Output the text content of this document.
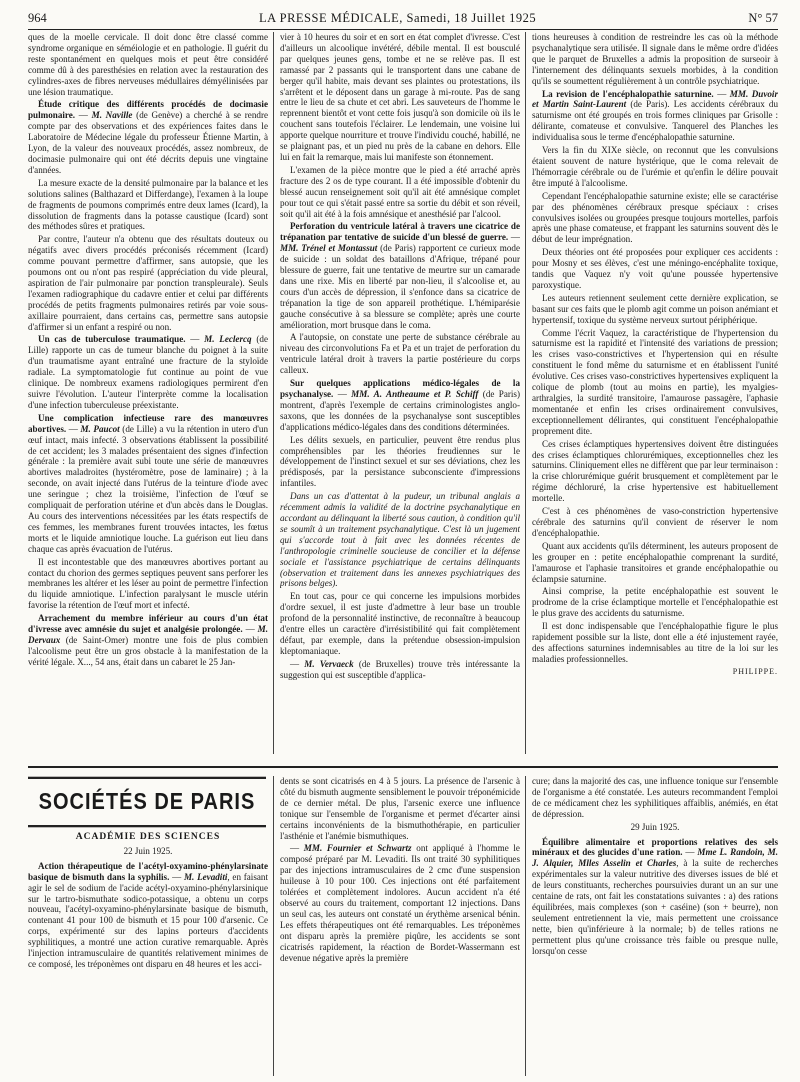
964	LA PRESSE MÉDICALE, Samedi, 18 Juillet 1925	N° 57

ques de la moelle cervicale. Il doit donc être classé comme syndrome organique en séméiologie et en pathologie. Il guérit du reste spontanément en quelques mois et peut être considéré comme dû à des paresthésies en relation avec la restauration des cylindres-axes de fibres nerveuses médullaires démyélinisées par une lésion traumatique.

Étude critique des différents procédés de docimasie pulmonaire. — M. Naville (de Genève) a cherché à se rendre compte par des observations et des expériences faites dans le Laboratoire de Médecine légale du professeur Étienne Martin, à Lyon, de la valeur des nouveaux procédés, assez nombreux, de docimasie pulmonaire qui ont été décrits depuis une vingtaine d'années.

La mesure exacte de la densité pulmonaire par la balance et les solutions salines (Balthazard et Differdange), l'examen à la loupe de fragments de poumons comprimés entre deux lames (Icard), la dissolution de fragments dans la potasse caustique (Icard) sont des méthodes sûres et pratiques.

Par contre, l'auteur n'a obtenu que des résultats douteux ou négatifs avec divers procédés préconisés récemment (Icard) comme pouvant permettre d'affirmer, sans autopsie, que les poumons ont ou n'ont pas respiré (appréciation du vide pleural, aspiration de l'air pulmonaire par ponction transpleurale). Seuls l'examen radiographique du cadavre entier et celui par différents procédés de petits fragments pulmonaires retirés par voie sous-axillaire pourraient, dans certains cas, permettre sans autopsie d'affirmer si un enfant a respiré ou non.

Un cas de tuberculose traumatique. — M. Leclercq (de Lille) rapporte un cas de tumeur blanche du poignet à la suite d'un traumatisme ayant entraîné une fracture de la styloïde radiale. La symptomatologie fut continue au point de vue clinique. De nombreux examens radiologiques permirent d'en suivre l'évolution. L'auteur l'interprète comme la localisation d'une infection tuberculeuse préexistante.

Une complication infectieuse rare des manœuvres abortives. — M. Paucot (de Lille) a vu la rétention in utero d'un œuf intact, mais infecté. 3 observations établissent la possibilité de cet accident; les 3 malades présentaient des signes d'infection générale : la première avait subi toute une série de manœuvres abortives maladroites (hystéromètre, pose de laminaire) ; à la seconde, on avait injecté dans l'utérus de la teinture d'iode avec une seringue ; chez la troisième, l'infection de l'œuf se compliquait de perforation utérine et d'un abcès dans le Douglas. Au cours des interventions nécessitées par les états respectifs de ces femmes, les membranes furent trouvées intactes, les fœtus morts et le liquide amniotique louche. La guérison eut lieu dans chaque cas après évacuation de l'utérus.

Il est incontestable que des manœuvres abortives portant au contact du chorion des germes septiques peuvent sans perforer les membranes les altérer et les léser au point de permettre l'infection du liquide amniotique. L'infection paralysant le muscle utérin favorise la rétention de l'œuf mort et infecté.

Arrachement du membre inférieur au cours d'un état d'ivresse avec amnésie du sujet et analgésie prolongée. — M. Dervaux (de Saint-Omer) montre une fois de plus combien l'alcoolisme peut être un gros obstacle à la manifestation de la vérité légale. X..., 54 ans, était dans un cabaret le 25 Jan-

vier à 10 heures du soir et en sort en état complet d'ivresse. C'est d'ailleurs un alcoolique invétéré, débile mental. Il est bousculé par quelques jeunes gens, tombe et ne se relève pas. Il est ramassé par 2 passants qui le transportent dans une cabane de berger qu'il habite, mais devant ses plaintes ou protestations, ils s'arrêtent et le déposent dans un garage à mi-route. Pas de sang entre le lieu de sa chute et cet abri. Les sauveteurs de l'homme le reprennent bientôt et vont cette fois jusqu'à son domicile où ils le couchent sans toutefois l'éclairer. Le lendemain, une voisine lui apporte quelque nourriture et trouve l'individu couché, habillé, ne se plaignant pas, et un pied nu près de la cabane en dehors. Elle lui en fait la remarque, mais lui manifeste son étonnement.

L'examen de la pièce montre que le pied a été arraché après fracture des 2 os de type courant. Il a été impossible d'obtenir du blessé aucun renseignement soit qu'il ait été amnésique complet pour tout ce qui s'était passé entre sa sortie du débit et son réveil, soit qu'il ait été à la fois amnésique et anesthésié par l'alcool.

Perforation du ventricule latéral à travers une cicatrice de trépanation par tentative de suicide d'un blessé de guerre. — MM. Trénel et Montassut (de Paris) rapportent ce curieux mode de suicide : un soldat des bataillons d'Afrique, trépané pour blessure de guerre, fait une tentative de meurtre sur un camarade dans une rixe. Mis en liberté par non-lieu, il s'alcoolise et, au cours d'un accès de dépression, il s'enfonce dans sa cicatrice de trépanation la tige de son appareil prothétique. L'hémiparésie gauche consécutive à sa blessure se complète; après une courte amélioration, mort brusque dans le coma.

A l'autopsie, on constate une perte de substance cérébrale au niveau des circonvolutions Fa et Pa et un trajet de perforation du ventricule latéral droit à travers la partie postérieure du corps calleux.

Sur quelques applications médico-légales de la psychanalyse. — MM. A. Antheaume et P. Schiff (de Paris) montrent, d'après l'exemple de certains criminologistes anglo-saxons, que les données de la psychanalyse sont susceptibles d'applications médico-légales dans des conditions déterminées.

Les délits sexuels, en particulier, peuvent être rendus plus compréhensibles par les théories freudiennes sur le développement de l'instinct sexuel et sur ses déviations, chez les prédisposés, par la persistance subconsciente d'impressions infantiles.

Dans un cas d'attentat à la pudeur, un tribunal anglais a récemment admis la validité de la doctrine psychanalytique en accordant au délinquant la liberté sous caution, à condition qu'il se soumît à un traitement psychanalytique. C'est là un jugement qui s'accorde tout à fait avec les données récentes de l'anthropologie criminelle soucieuse de concilier et la défense sociale et l'assistance psychiatrique de certains délinquants (observation et traitement dans les annexes psychiatriques des prisons belges).

En tout cas, pour ce qui concerne les impulsions morbides d'ordre sexuel, il est juste d'admettre à leur base un trouble profond de la personnalité instinctive, de reconnaître à beaucoup d'entre elles un caractère d'irrésistibilité qui fait complètement défaut, par exemple, dans la prétendue obsession-impulsion kleptomaniaque.

— M. Vervaeck (de Bruxelles) trouve très intéressante la suggestion qui est susceptible d'applica-

tions heureuses à condition de restreindre les cas où la méthode psychanalytique sera utilisée. Il signale dans le même ordre d'idées que le parquet de Bruxelles a admis la proposition de surseoir à l'internement des délinquants sexuels morbides, à la condition qu'ils se soumettent régulièrement à un contrôle psychiatrique.

La revision de l'encéphalopathie saturnine. — MM. Duvoir et Martin Saint-Laurent (de Paris). Les accidents cérébraux du saturnisme ont été groupés en trois formes cliniques par Grisolle : délirante, comateuse et convulsive. Tanquerel des Planches les individualisa sous le terme d'encéphalopathie saturnine.

Vers la fin du XIXe siècle, on reconnut que les convulsions étaient souvent de nature hystérique, que le coma relevait de l'hémorragie cérébrale ou de l'urémie et qu'enfin le délire pouvait être imputé à l'alcoolisme.

Cependant l'encéphalopathie saturnine existe; elle se caractérise par des phénomènes cérébraux presque spéciaux : crises convulsives isolées ou groupées presque toujours mortelles, parfois après une phase comateuse, et frappant les saturnins souvent dès le début de leur imprégnation.

Deux théories ont été proposées pour expliquer ces accidents : pour Mosny et ses élèves, c'est une méningo-encéphalite toxique, tandis que Vaquez n'y voit qu'une poussée hypertensive paroxystique.

Les auteurs retiennent seulement cette dernière explication, se basant sur ces faits que le plomb agit comme un poison anémiant et hypertensif, toxique du système nerveux surtout périphérique.

Comme l'écrit Vaquez, la caractéristique de l'hypertension du saturnisme est la rapidité et l'intensité des variations de pression; les crises vaso-constrictives et l'hypertension qui en résulte constituent le fond même du saturnisme et en établissent l'unité évolutive. Ces crises vaso-constrictives hypertensives expliquent la colique de plomb (tout au moins en partie), les myalgies-arthralgies, la surdité transitoire, l'amaurose passagère, l'aphasie momentanée et enfin les crises ordinairement convulsives, exceptionnellement délirantes, qui constituent l'encéphalopathie proprement dite.

Ces crises éclamptiques hypertensives doivent être distinguées des crises éclamptiques chlorurémiques, exceptionnelles chez les saturnins. Cliniquement elles ne diffèrent que par leur terminaison : la crise chlorurémique guérit brusquement et complètement par le régime déchloruré, la crise hypertensive est habituellement mortelle.

C'est à ces phénomènes de vaso-constriction hypertensive cérébrale des saturnins qu'il convient de réserver le nom d'encéphalopathie.

Quant aux accidents qu'ils déterminent, les auteurs proposent de les grouper en : petite encéphalopathie comprenant la surdité, l'amaurose et l'aphasie transitoires et grande encéphalopathie ou éclampsie saturnine.

Ainsi comprise, la petite encéphalopathie est souvent le prodrome de la crise éclamptique mortelle et l'encéphalopathie est le plus grave des accidents du saturnisme.

Il est donc indispensable que l'encéphalopathie figure le plus rapidement possible sur la liste, dont elle a été injustement rayée, des affections saturnines indemnisables au titre de la loi sur les maladies professionnelles.

PHILIPPE.
SOCIÉTÉS DE PARIS
ACADÉMIE DES SCIENCES
22 Juin 1925.

Action thérapeutique de l'acétyl-oxyamino-phénylarsinate basique de bismuth dans la syphilis. — M. Levaditi, en faisant agir le sel de sodium de l'acide acétyl-oxyamino-phénylarsinique sur le tartro-bismuthate sodico-potassique, a obtenu un corps nouveau, l'acétyl-oxyamino-phénylarsinate basique de bismuth, contenant 41 pour 100 de bismuth et 15 pour 100 d'arsenic. Ce corps, expérimenté sur des lapins porteurs d'accidents syphilitiques, a montré une action curative remarquable. Après l'injection intramusculaire de quantités relativement minimes de ce composé, les tréponèmes ont disparu en 48 heures et les acci-

dents se sont cicatrisés en 4 à 5 jours. La présence de l'arsenic à côté du bismuth augmente sensiblement le pouvoir tréponémicide de ce dernier métal. De plus, l'arsenic exerce une influence tonique sur l'ensemble de l'organisme et permet d'écarter ainsi certains inconvénients de la bismuthothérapie, en particulier l'asthénie et l'anémie bismuthiques.

— MM. Fournier et Schwartz ont appliqué à l'homme le composé préparé par M. Levaditi. Ils ont traité 30 syphilitiques par des injections intramusculaires de 2 cmc d'une suspension huileuse à 10 pour 100. Ces injections ont été parfaitement tolérées et complètement indolores. Aucun accident n'a été observé au cours du traitement, comportant 12 injections. Dans un seul cas, les auteurs ont constaté un érythème arsenical bénin. Les effets thérapeutiques ont été remarquables. Les tréponèmes ont disparu après la première piqûre, les accidents se sont cicatrisés rapidement, la réaction de Bordet-Wassermann est devenue négative après la première

cure; dans la majorité des cas, une influence tonique sur l'ensemble de l'organisme a été constatée. Les auteurs recommandent l'emploi de ce médicament chez les syphilitiques affaiblis, anémiés, en état de dépression.

29 Juin 1925.

Équilibre alimentaire et proportions relatives des sels minéraux et des glucides d'une ration. — Mme L. Randoin, M. J. Alquier, Mlles Asselin et Charles, à la suite de recherches expérimentales sur la valeur nutritive des diverses issues de blé et de leurs constituants, recherches poursuivies durant un an sur une centaine de rats, ont fait les constatations suivantes : a) des rations équilibrées, mais complexes (son + caséine) (son + beurre), non seulement entretiennent la vie, mais permettent une croissance nette, bien qu'inférieure à la normale; b) de telles rations ne permettent plus qu'une croissance très faible ou presque nulle, lorsqu'on cesse
